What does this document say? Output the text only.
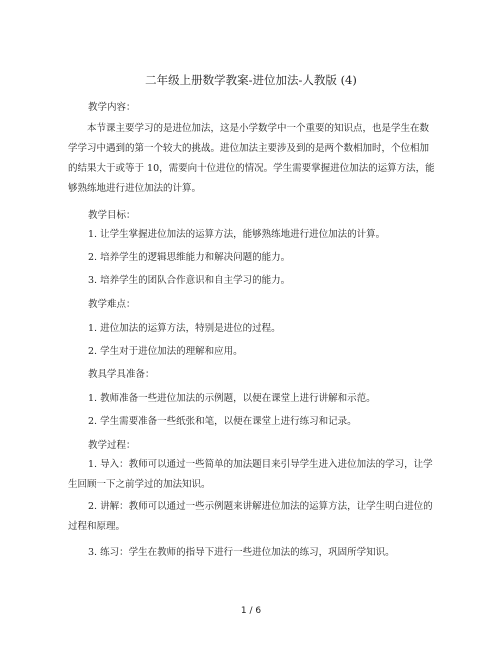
二年级上册数学教案-进位加法-人教版 (4)
教学内容：
本节课主要学习的是进位加法，这是小学数学中一个重要的知识点，也是学生在数学学习中遇到的第一个较大的挑战。进位加法主要涉及到的是两个数相加时，个位相加的结果大于或等于 10，需要向十位进位的情况。学生需要掌握进位加法的运算方法，能够熟练地进行进位加法的计算。
教学目标：
1. 让学生掌握进位加法的运算方法，能够熟练地进行进位加法的计算。
2. 培养学生的逻辑思维能力和解决问题的能力。
3. 培养学生的团队合作意识和自主学习的能力。
教学难点：
1. 进位加法的运算方法，特别是进位的过程。
2. 学生对于进位加法的理解和应用。
教具学具准备：
1. 教师准备一些进位加法的示例题，以便在课堂上进行讲解和示范。
2. 学生需要准备一些纸张和笔，以便在课堂上进行练习和记录。
教学过程：
1. 导入：教师可以通过一些简单的加法题目来引导学生进入进位加法的学习，让学生回顾一下之前学过的加法知识。
2. 讲解：教师可以通过一些示例题来讲解进位加法的运算方法，让学生明白进位的过程和原理。
3. 练习：学生在教师的指导下进行一些进位加法的练习，巩固所学知识。
1 / 6
